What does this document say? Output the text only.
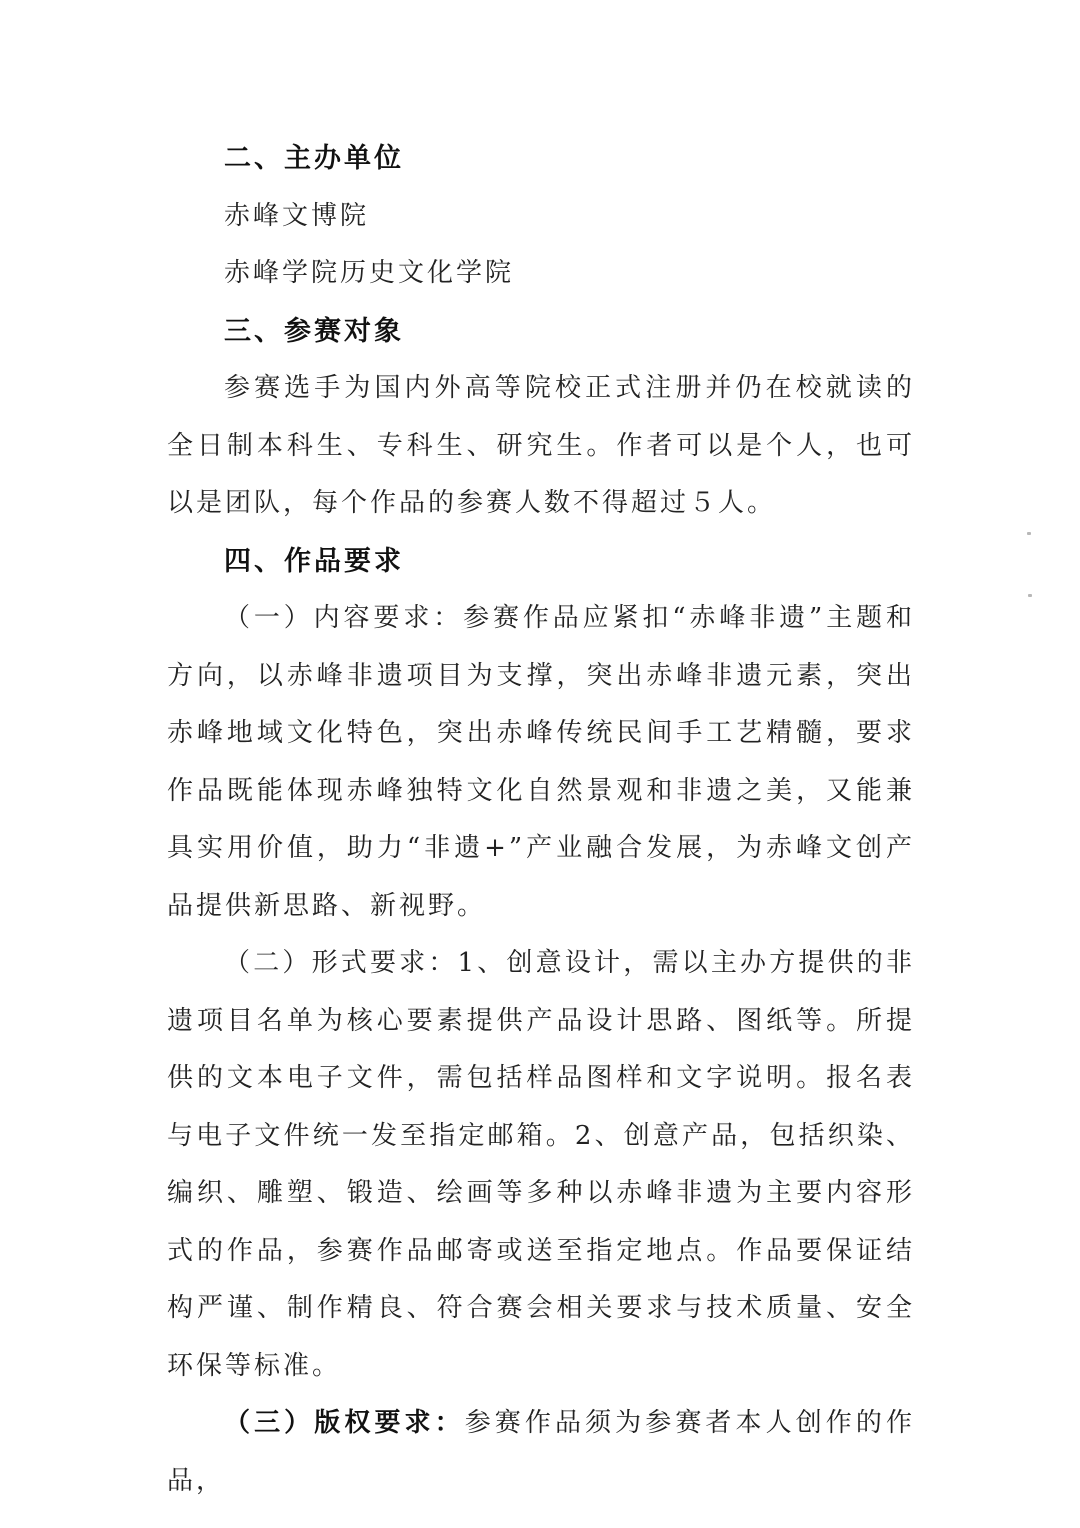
二、主办单位

赤峰文博院

赤峰学院历史文化学院

三、参赛对象

参赛选手为国内外高等院校正式注册并仍在校就读的全日制本科生、专科生、研究生。作者可以是个人，也可以是团队，每个作品的参赛人数不得超过５人。

四、作品要求

（一）内容要求：参赛作品应紧扣“赤峰非遗”主题和方向，以赤峰非遗项目为支撑，突出赤峰非遗元素，突出赤峰地域文化特色，突出赤峰传统民间手工艺精髓，要求作品既能体现赤峰独特文化自然景观和非遗之美，又能兼具实用价值，助力“非遗+”产业融合发展，为赤峰文创产品提供新思路、新视野。

（二）形式要求：1、创意设计，需以主办方提供的非遗项目名单为核心要素提供产品设计思路、图纸等。所提供的文本电子文件，需包括样品图样和文字说明。报名表与电子文件统一发至指定邮箱。2、创意产品，包括织染、编织、雕塑、锻造、绘画等多种以赤峰非遗为主要内容形式的作品，参赛作品邮寄或送至指定地点。作品要保证结构严谨、制作精良、符合赛会相关要求与技术质量、安全环保等标准。

（三）版权要求：参赛作品须为参赛者本人创作的作品，
